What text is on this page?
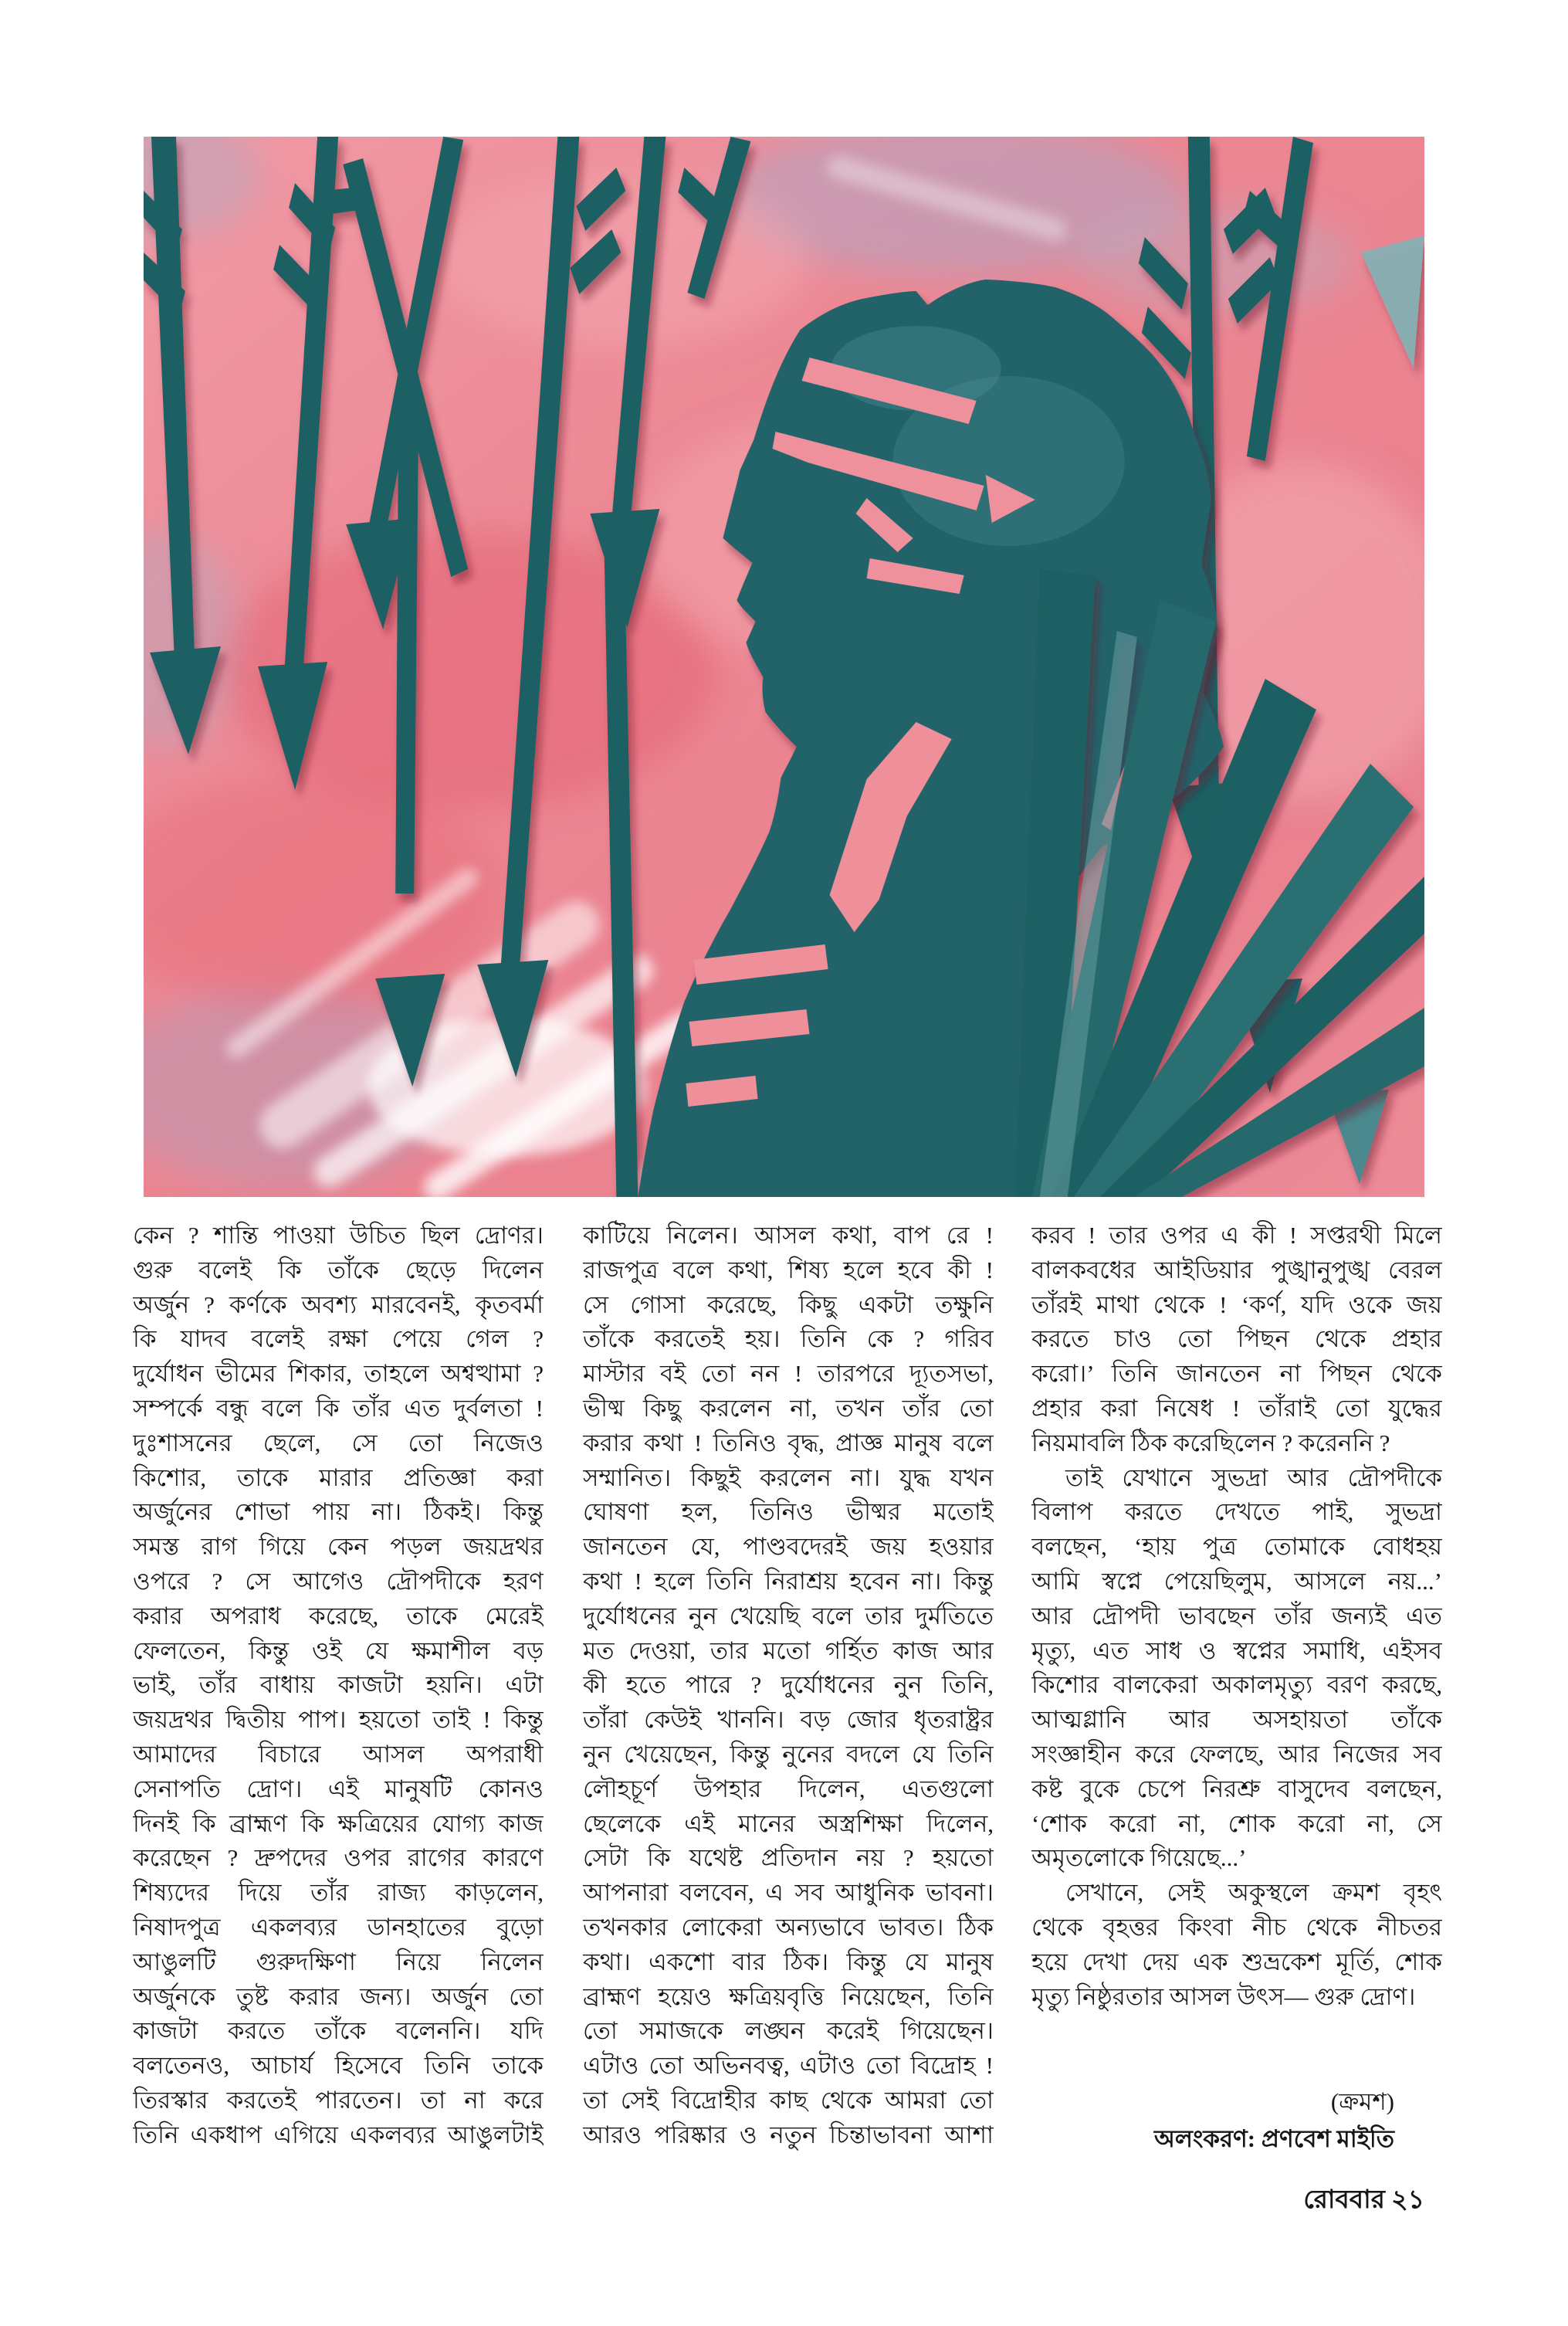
কেন ? শান্তি পাওয়া উচিত ছিল দ্রোণর।
গুরু বলেই কি তাঁকে ছেড়ে দিলেন
অর্জুন ? কর্ণকে অবশ্য মারবেনই, কৃতবর্মা
কি যাদব বলেই রক্ষা পেয়ে গেল ?
দুর্যোধন ভীমের শিকার, তাহলে অশ্বত্থামা ?
সম্পর্কে বন্ধু বলে কি তাঁর এত দুর্বলতা !
দুঃশাসনের ছেলে, সে তো নিজেও
কিশোর, তাকে মারার প্রতিজ্ঞা করা
অর্জুনের শোভা পায় না। ঠিকই। কিন্তু
সমস্ত রাগ গিয়ে কেন পড়ল জয়দ্রথর
ওপরে ? সে আগেও দ্রৌপদীকে হরণ
করার অপরাধ করেছে, তাকে মেরেই
ফেলতেন, কিন্তু ওই যে ক্ষমাশীল বড়
ভাই, তাঁর বাধায় কাজটা হয়নি। এটা
জয়দ্রথর দ্বিতীয় পাপ। হয়তো তাই ! কিন্তু
আমাদের বিচারে আসল অপরাধী
সেনাপতি দ্রোণ। এই মানুষটি কোনও
দিনই কি ব্রাহ্মণ কি ক্ষত্রিয়ের যোগ্য কাজ
করেছেন ? দ্রুপদের ওপর রাগের কারণে
শিষ্যদের দিয়ে তাঁর রাজ্য কাড়লেন,
নিষাদপুত্র একলব্যর ডানহাতের বুড়ো
আঙুলটি গুরুদক্ষিণা নিয়ে নিলেন
অর্জুনকে তুষ্ট করার জন্য। অর্জুন তো
কাজটা করতে তাঁকে বলেননি। যদি
বলতেনও, আচার্য হিসেবে তিনি তাকে
তিরস্কার করতেই পারতেন। তা না করে
তিনি একধাপ এগিয়ে একলব্যর আঙুলটাই
কাটিয়ে নিলেন। আসল কথা, বাপ রে !
রাজপুত্র বলে কথা, শিষ্য হলে হবে কী !
সে গোসা করেছে, কিছু একটা তক্ষুনি
তাঁকে করতেই হয়। তিনি কে ? গরিব
মাস্টার বই তো নন ! তারপরে দ্যূতসভা,
ভীষ্ম কিছু করলেন না, তখন তাঁর তো
করার কথা ! তিনিও বৃদ্ধ, প্রাজ্ঞ মানুষ বলে
সম্মানিত। কিছুই করলেন না। যুদ্ধ যখন
ঘোষণা হল, তিনিও ভীষ্মর মতোই
জানতেন যে, পাণ্ডবদেরই জয় হওয়ার
কথা ! হলে তিনি নিরাশ্রয় হবেন না। কিন্তু
দুর্যোধনের নুন খেয়েছি বলে তার দুর্মতিতে
মত দেওয়া, তার মতো গর্হিত কাজ আর
কী হতে পারে ? দুর্যোধনের নুন তিনি,
তাঁরা কেউই খাননি। বড় জোর ধৃতরাষ্ট্রর
নুন খেয়েছেন, কিন্তু নুনের বদলে যে তিনি
লৌহচূর্ণ উপহার দিলেন, এতগুলো
ছেলেকে এই মানের অস্ত্রশিক্ষা দিলেন,
সেটা কি যথেষ্ট প্রতিদান নয় ? হয়তো
আপনারা বলবেন, এ সব আধুনিক ভাবনা।
তখনকার লোকেরা অন্যভাবে ভাবত। ঠিক
কথা। একশো বার ঠিক। কিন্তু যে মানুষ
ব্রাহ্মণ হয়েও ক্ষত্রিয়বৃত্তি নিয়েছেন, তিনি
তো সমাজকে লঙ্ঘন করেই গিয়েছেন।
এটাও তো অভিনবত্ব, এটাও তো বিদ্রোহ !
তা সেই বিদ্রোহীর কাছ থেকে আমরা তো
আরও পরিষ্কার ও নতুন চিন্তাভাবনা আশা
করব ! তার ওপর এ কী ! সপ্তরথী মিলে
বালকবধের আইডিয়ার পুঙ্খানুপুঙ্খ বেরল
তাঁরই মাথা থেকে ! ‘কর্ণ, যদি ওকে জয়
করতে চাও তো পিছন থেকে প্রহার
করো।’ তিনি জানতেন না পিছন থেকে
প্রহার করা নিষেধ ! তাঁরাই তো যুদ্ধের
নিয়মাবলি ঠিক করেছিলেন ? করেননি ?
তাই যেখানে সুভদ্রা আর দ্রৌপদীকে
বিলাপ করতে দেখতে পাই, সুভদ্রা
বলছেন, ‘হায় পুত্র তোমাকে বোধহয়
আমি স্বপ্নে পেয়েছিলুম, আসলে নয়...’
আর দ্রৌপদী ভাবছেন তাঁর জন্যই এত
মৃত্যু, এত সাধ ও স্বপ্নের সমাধি, এইসব
কিশোর বালকেরা অকালমৃত্যু বরণ করছে,
আত্মগ্লানি আর অসহায়তা তাঁকে
সংজ্ঞাহীন করে ফেলছে, আর নিজের সব
কষ্ট বুকে চেপে নিরশ্রু বাসুদেব বলছেন,
‘শোক করো না, শোক করো না, সে
অমৃতলোকে গিয়েছে...’
সেখানে, সেই অকুস্থলে ক্রমশ বৃহৎ
থেকে বৃহত্তর কিংবা নীচ থেকে নীচতর
হয়ে দেখা দেয় এক শুভ্রকেশ মূর্তি, শোক
মৃত্যু নিষ্ঠুরতার আসল উৎস— গুরু দ্রোণ।
(ক্রমশ)
অলংকরণ: প্রণবেশ মাইতি
রোববার ২১
